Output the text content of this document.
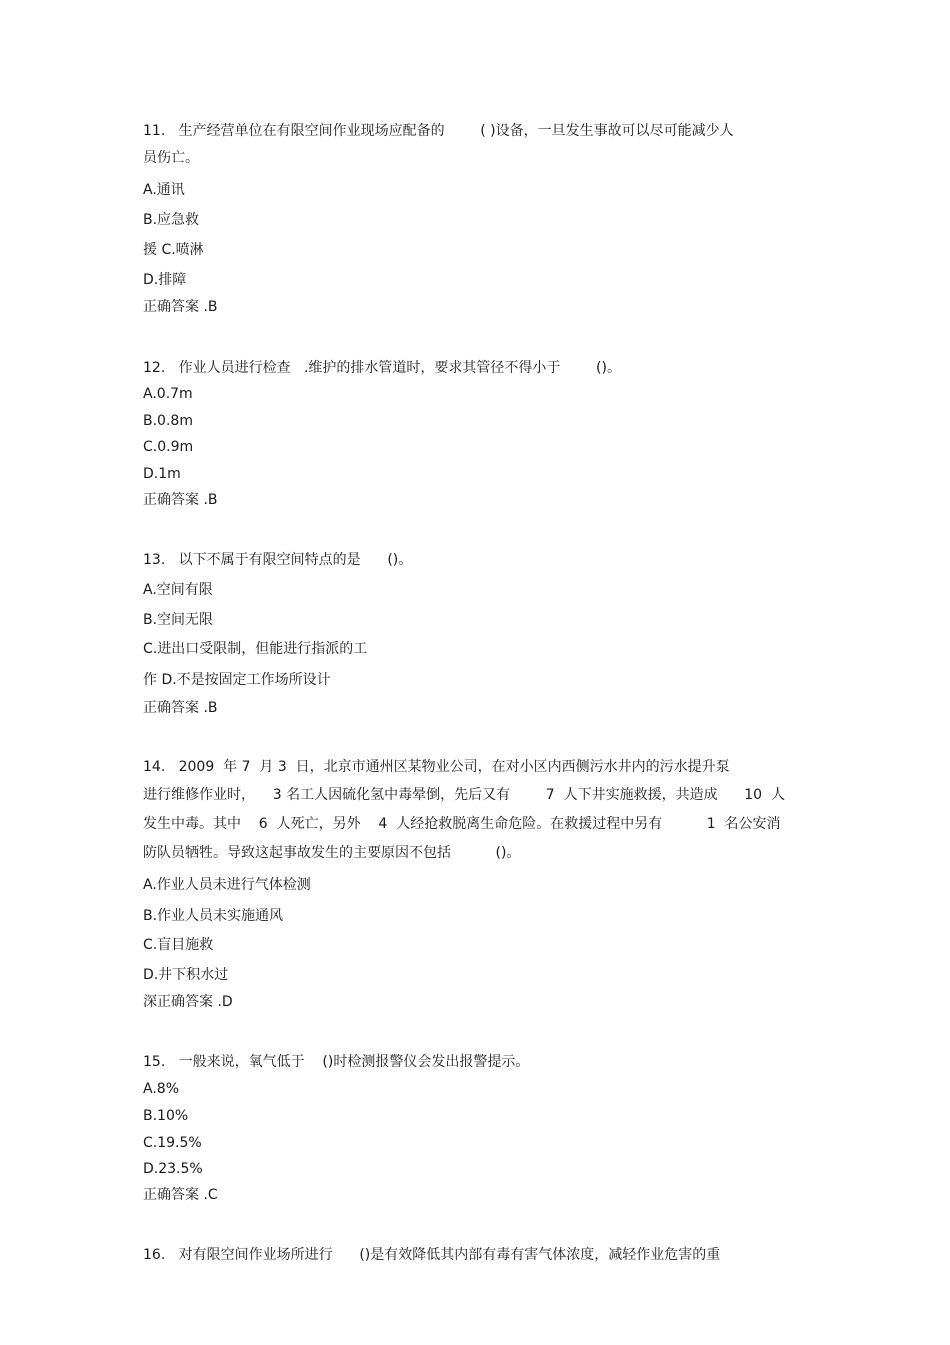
11.   生产经营单位在有限空间作业现场应配备的        ( )设备，一旦发生事故可以尽可能减少人
员伤亡。
A.通讯
B.应急救
援 C.喷淋
D.排障
正确答案 .B
12.   作业人员进行检查   .维护的排水管道时，要求其管径不得小于        ()。
A.0.7m
B.0.8m
C.0.9m
D.1m
正确答案 .B
13.   以下不属于有限空间特点的是      ()。
A.空间有限
B.空间无限
C.进出口受限制，但能进行指派的工
作 D.不是按固定工作场所设计
正确答案 .B
14.   2009  年 7  月 3  日，北京市通州区某物业公司，在对小区内西侧污水井内的污水提升泵
进行维修作业时，    3 名工人因硫化氢中毒晕倒，先后又有        7  人下井实施救援，共造成      10  人
发生中毒。其中    6  人死亡，另外    4  人经抢救脱离生命危险。在救援过程中另有          1  名公安消
防队员牺牲。导致这起事故发生的主要原因不包括          ()。
A.作业人员未进行气体检测
B.作业人员未实施通风
C.盲目施救
D.井下积水过
深正确答案 .D
15.   一般来说，氧气低于    ()时检测报警仪会发出报警提示。
A.8%
B.10%
C.19.5%
D.23.5%
正确答案 .C
16.   对有限空间作业场所进行      ()是有效降低其内部有毒有害气体浓度，减轻作业危害的重
